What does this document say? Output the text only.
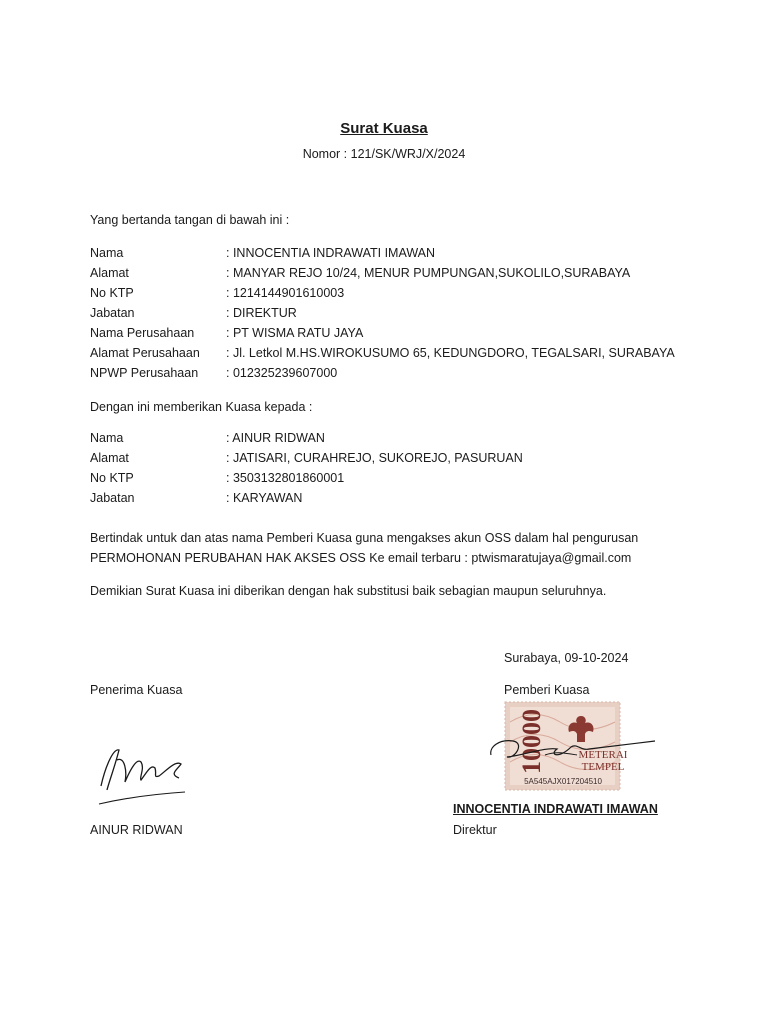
Surat Kuasa
Nomor : 121/SK/WRJ/X/2024
Yang bertanda tangan di bawah ini :
Nama	: INNOCENTIA INDRAWATI IMAWAN
Alamat	: MANYAR REJO 10/24, MENUR PUMPUNGAN,SUKOLILO,SURABAYA
No KTP	: 1214144901610003
Jabatan	: DIREKTUR
Nama Perusahaan	: PT WISMA RATU JAYA
Alamat Perusahaan	: Jl. Letkol M.HS.WIROKUSUMO 65, KEDUNGDORO, TEGALSARI, SURABAYA
NPWP Perusahaan	: 012325239607000
Dengan ini memberikan Kuasa kepada :
Nama	: AINUR RIDWAN
Alamat	: JATISARI, CURAHREJO, SUKOREJO, PASURUAN
No KTP	: 3503132801860001
Jabatan	: KARYAWAN
Bertindak untuk dan atas nama Pemberi Kuasa guna mengakses akun OSS dalam hal pengurusan PERMOHONAN PERUBAHAN HAK AKSES OSS Ke email terbaru : ptwismaratujaya@gmail.com
Demikian Surat Kuasa ini diberikan dengan hak substitusi baik sebagian maupun seluruhnya.
Surabaya, 09-10-2024
Penerima Kuasa	Pemberi Kuasa
10000	METERAI
TEMPEL
5A545AJX017204510
INNOCENTIA INDRAWATI IMAWAN
Direktur
AINUR RIDWAN
